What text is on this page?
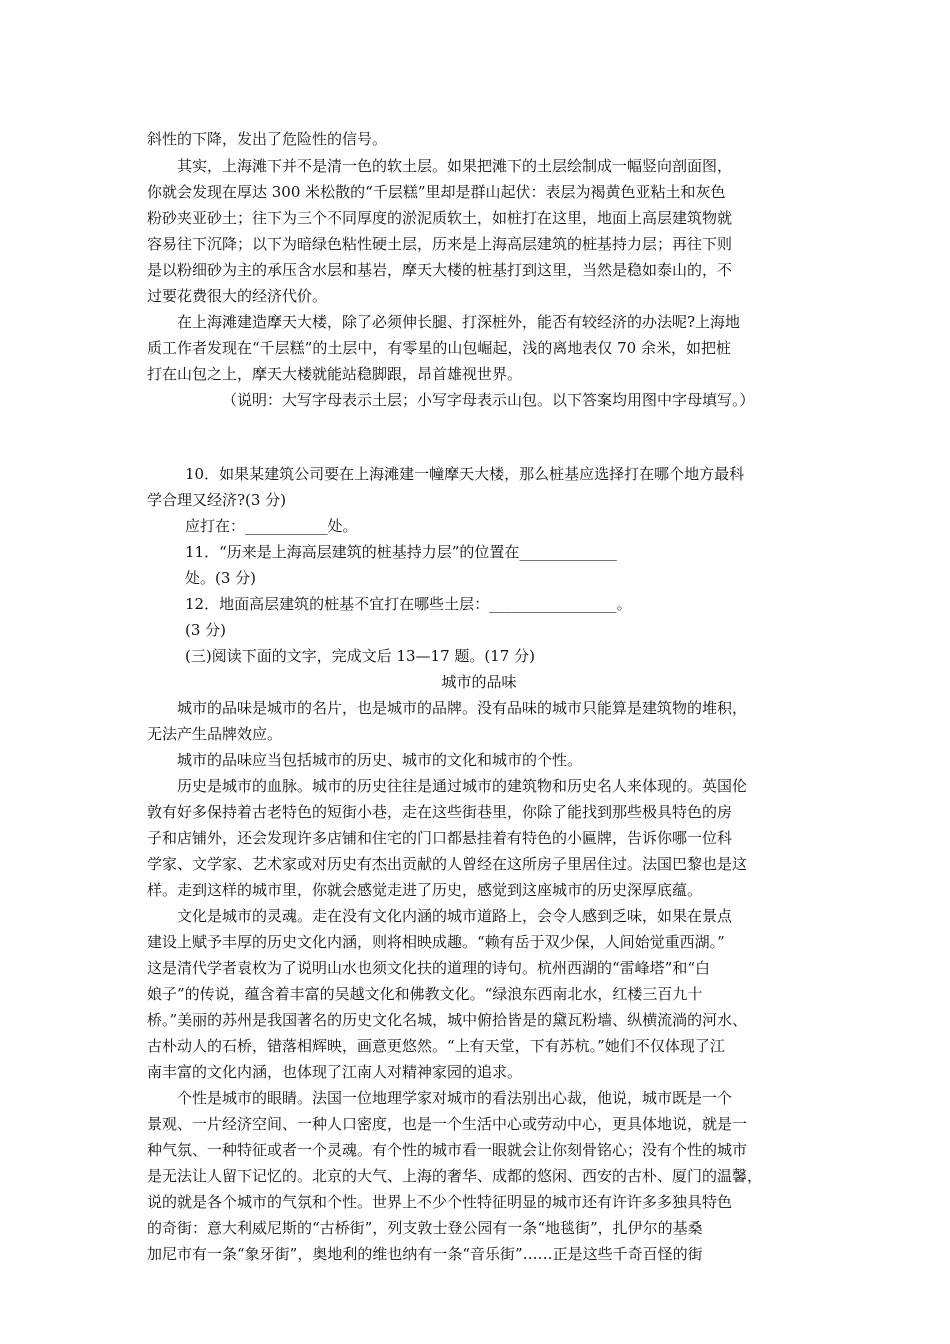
斜性的下降，发出了危险性的信号。

其实，上海滩下并不是清一色的软土层。如果把滩下的土层绘制成一幅竖向剖面图，

你就会发现在厚达 300 米松散的“千层糕”里却是群山起伏：表层为褐黄色亚粘土和灰色

粉砂夹亚砂土；往下为三个不同厚度的淤泥质软土，如桩打在这里，地面上高层建筑物就

容易往下沉降；以下为暗绿色粘性硬土层，历来是上海高层建筑的桩基持力层；再往下则

是以粉细砂为主的承压含水层和基岩，摩天大楼的桩基打到这里，当然是稳如泰山的，不

过要花费很大的经济代价。

在上海滩建造摩天大楼，除了必须伸长腿、打深桩外，能否有较经济的办法呢?上海地

质工作者发现在“千层糕”的土层中，有零星的山包崛起，浅的离地表仅 70 余米，如把桩

打在山包之上，摩天大楼就能站稳脚跟，昂首雄视世界。

（说明：大写字母表示土层；小写字母表示山包。以下答案均用图中字母填写。）

10．如果某建筑公司要在上海滩建一幢摩天大楼，那么桩基应选择打在哪个地方最科

学合理又经济?(3 分)

应打在：___________处。

11．“历来是上海高层建筑的桩基持力层”的位置在_____________

处。(3 分)

12．地面高层建筑的桩基不宜打在哪些土层：_________________。

(3 分)

(三)阅读下面的文字，完成文后 13—17 题。(17 分)

城市的品味

城市的品味是城市的名片，也是城市的品牌。没有品味的城市只能算是建筑物的堆积，

无法产生品牌效应。

城市的品味应当包括城市的历史、城市的文化和城市的个性。

历史是城市的血脉。城市的历史往往是通过城市的建筑物和历史名人来体现的。英国伦

敦有好多保持着古老特色的短街小巷，走在这些街巷里，你除了能找到那些极具特色的房

子和店铺外，还会发现许多店铺和住宅的门口都悬挂着有特色的小匾牌，告诉你哪一位科

学家、文学家、艺术家或对历史有杰出贡献的人曾经在这所房子里居住过。法国巴黎也是这

样。走到这样的城市里，你就会感觉走进了历史，感觉到这座城市的历史深厚底蕴。

文化是城市的灵魂。走在没有文化内涵的城市道路上，会令人感到乏味，如果在景点

建设上赋予丰厚的历史文化内涵，则将相映成趣。“赖有岳于双少保，人间始觉重西湖。”

这是清代学者袁枚为了说明山水也须文化扶的道理的诗句。杭州西湖的“雷峰塔”和“白

娘子”的传说，蕴含着丰富的吴越文化和佛教文化。“绿浪东西南北水，红楼三百九十

桥。”美丽的苏州是我国著名的历史文化名城，城中俯拾皆是的黛瓦粉墙、纵横流淌的河水、

古朴动人的石桥，错落相辉映，画意更悠然。“上有天堂，下有苏杭。”她们不仅体现了江

南丰富的文化内涵，也体现了江南人对精神家园的追求。

个性是城市的眼睛。法国一位地理学家对城市的看法别出心裁，他说，城市既是一个

景观、一片经济空间、一种人口密度，也是一个生活中心或劳动中心，更具体地说，就是一

种气氛、一种特征或者一个灵魂。有个性的城市看一眼就会让你刻骨铭心；没有个性的城市

是无法让人留下记忆的。北京的大气、上海的奢华、成都的悠闲、西安的古朴、厦门的温馨，

说的就是各个城市的气氛和个性。世界上不少个性特征明显的城市还有许许多多独具特色

的奇街：意大利威尼斯的“古桥街”，列支敦士登公园有一条“地毯街”，扎伊尔的基桑

加尼市有一条“象牙街”，奥地利的维也纳有一条“音乐街”……正是这些千奇百怪的街
